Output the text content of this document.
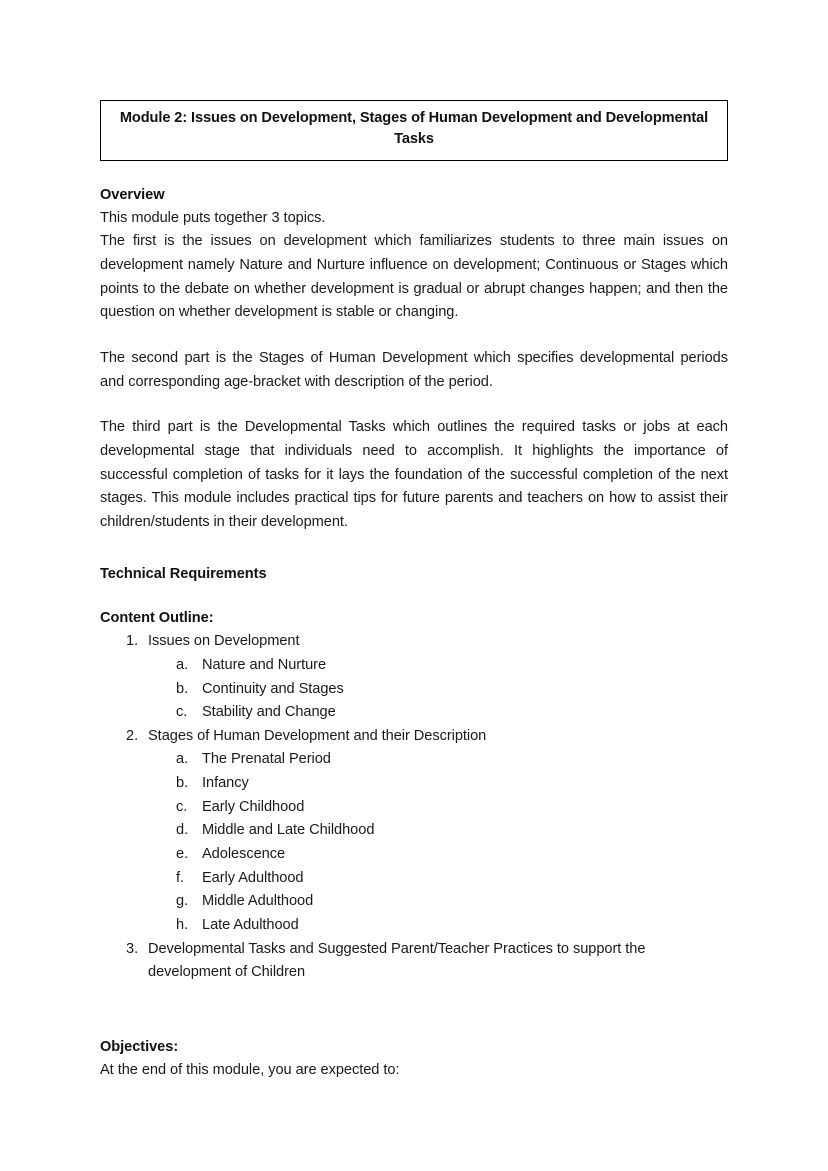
Module 2: Issues on Development, Stages of Human Development and Developmental Tasks
Overview

This module puts together 3 topics.

The first is the issues on development which familiarizes students to three main issues on development namely Nature and Nurture influence on development; Continuous or Stages which points to the debate on whether development is gradual or abrupt changes happen; and then the question on whether development is stable or changing.

The second part is the Stages of Human Development which specifies developmental periods and corresponding age-bracket with description of the period.

The third part is the Developmental Tasks which outlines the required tasks or jobs at each developmental stage that individuals need to accomplish. It highlights the importance of successful completion of tasks for it lays the foundation of the successful completion of the next stages. This module includes practical tips for future parents and teachers on how to assist their children/students in their development.

Technical Requirements
Content Outline:
1. Issues on Development
a. Nature and Nurture
b. Continuity and Stages
c.	Stability and Change
2. Stages of Human Development and their Description
a. The Prenatal Period
b. Infancy
c.	Early Childhood
d. Middle and Late Childhood
e. Adolescence
f.	Early Adulthood
g. Middle Adulthood
h. Late Adulthood
3. Developmental Tasks and Suggested Parent/Teacher Practices to support the development of Children
Objectives:

At the end of this module, you are expected to:
